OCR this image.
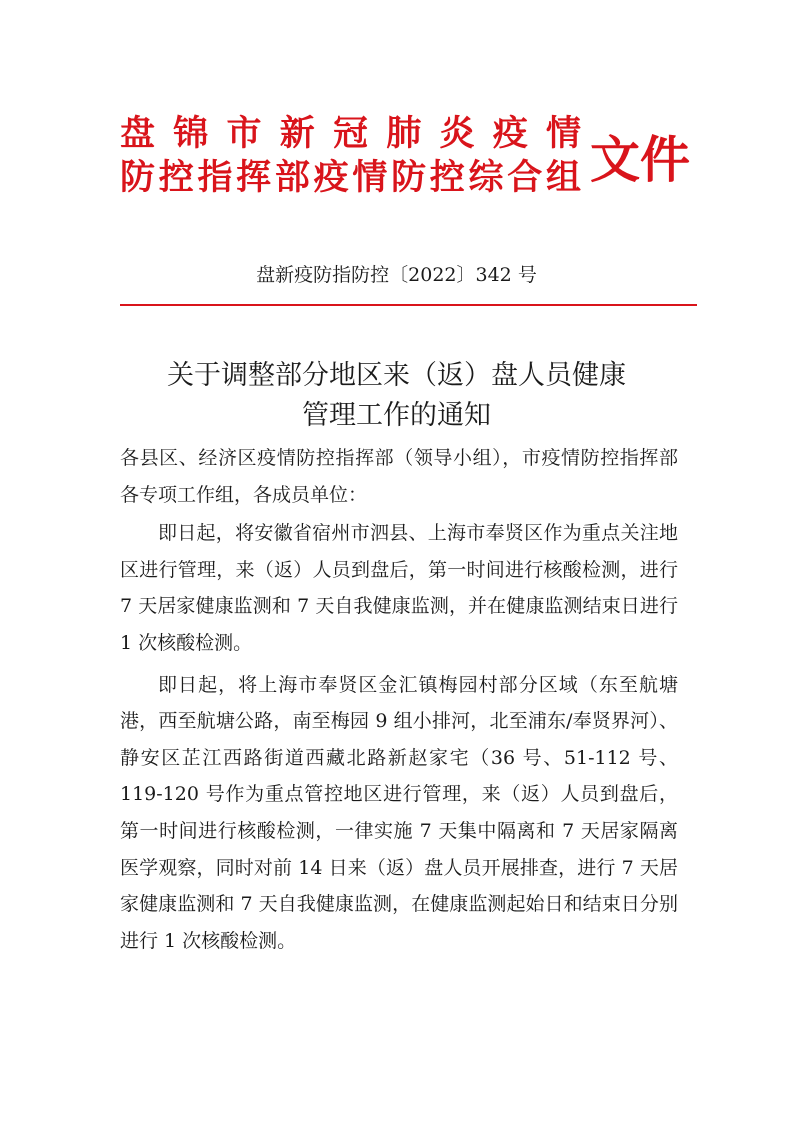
盘锦市新冠肺炎疫情
防控指挥部疫情防控综合组 文件
盘新疫防指防控〔2022〕342 号
关于调整部分地区来（返）盘人员健康
管理工作的通知

各县区、经济区疫情防控指挥部（领导小组），市疫情防控指挥部各专项工作组，各成员单位：

即日起，将安徽省宿州市泗县、上海市奉贤区作为重点关注地区进行管理，来（返）人员到盘后，第一时间进行核酸检测，进行 7 天居家健康监测和 7 天自我健康监测，并在健康监测结束日进行 1 次核酸检测。

即日起，将上海市奉贤区金汇镇梅园村部分区域（东至航塘港，西至航塘公路，南至梅园 9 组小排河，北至浦东/奉贤界河）、静安区芷江西路街道西藏北路新赵家宅（36 号、51-112 号、119-120 号作为重点管控地区进行管理，来（返）人员到盘后，第一时间进行核酸检测，一律实施 7 天集中隔离和 7 天居家隔离医学观察，同时对前 14 日来（返）盘人员开展排查，进行 7 天居家健康监测和 7 天自我健康监测，在健康监测起始日和结束日分别进行 1 次核酸检测。
